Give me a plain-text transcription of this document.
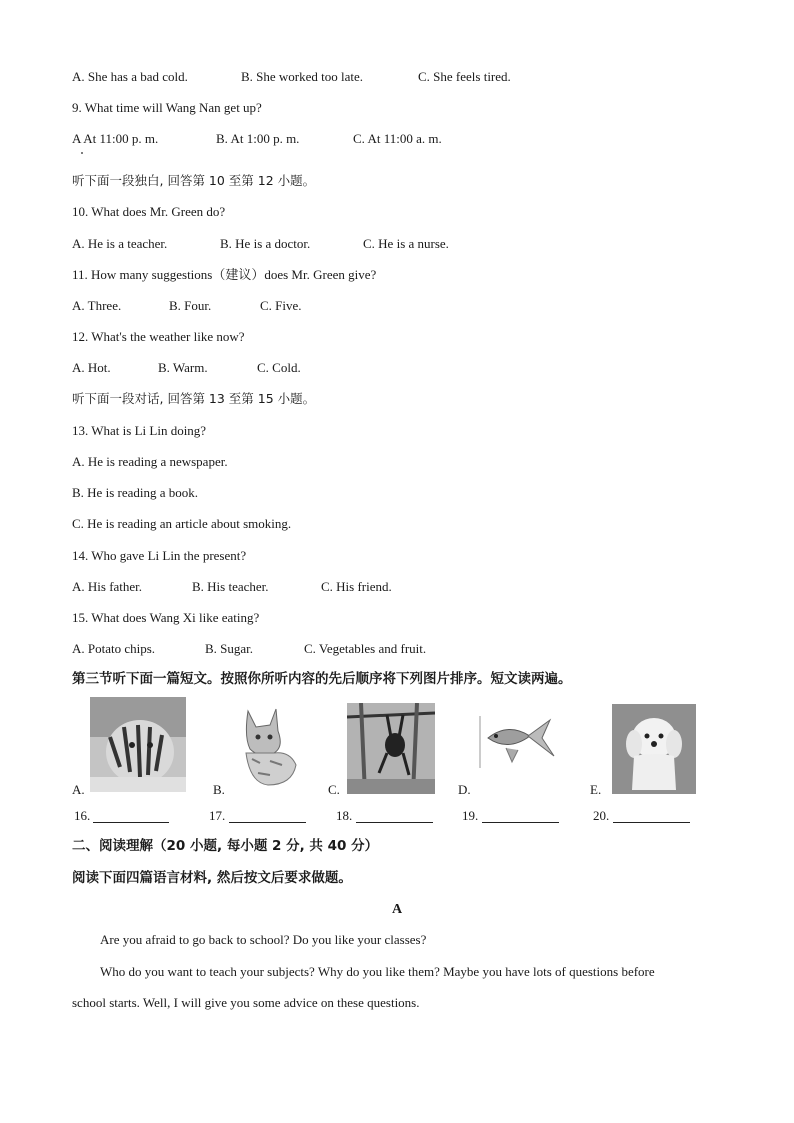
A. She has a bad cold.	B. She worked too late.	C. She feels tired.
9. What time will Wang Nan get up?
A At 11:00 p. m.	B. At 1:00 p. m.	C. At 11:00 a. m.
听下面一段独白, 回答第 10 至第 12 小题。
10. What does Mr. Green do?
A. He is a teacher.	B. He is a doctor.	C. He is a nurse.
11. How many suggestions（建议）does Mr. Green give?
A. Three.	B. Four.	C. Five.
12. What's the weather like now?
A. Hot.	B. Warm.	C. Cold.
听下面一段对话, 回答第 13 至第 15 小题。
13. What is Li Lin doing?
A. He is reading a newspaper.
B. He is reading a book.
C. He is reading an article about smoking.
14. Who gave Li Lin the present?
A. His father.	B. His teacher.	C. His friend.
15. What does Wang Xi like eating?
A. Potato chips.	B. Sugar.	C. Vegetables and fruit.
第三节听下面一篇短文。按照你所听内容的先后顺序将下列图片排序。短文读两遍。
A.	B.	C.	D.	E.
16.	17.	18.	19.	20.
二、阅读理解（20 小题, 每小题 2 分, 共 40 分）
阅读下面四篇语言材料, 然后按文后要求做题。
A
Are you afraid to go back to school? Do you like your classes?
Who do you want to teach your subjects? Why do you like them? Maybe you have lots of questions before
school starts. Well, I will give you some advice on these questions.
